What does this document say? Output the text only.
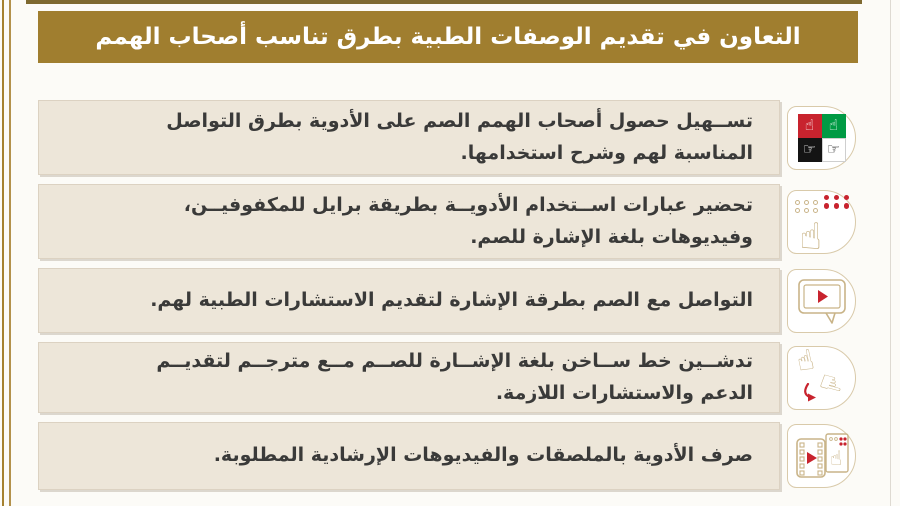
التعاون في تقديم الوصفات الطبية بطرق تناسب أصحاب الهمم

تســهيل حصول أصحاب الهمم الصم على الأدوية بطرق التواصل المناسبة لهم وشرح استخدامها.

☝ ☝
☞ ☞

تحضير عبارات اســتخدام الأدويــة بطريقة برايل للمكفوفيــن، وفيديوهات بلغة الإشارة للصم. ☝

التواصل مع الصم بطرقة الإشارة لتقديم الاستشارات الطبية لهم.

تدشــين خط ســاخن بلغة الإشــارة للصــم مــع مترجــم لتقديــم الدعم والاستشارات اللازمة.

☝
☝

صرف الأدوية بالملصقات والفيديوهات الإرشادية المطلوبة.	☝
